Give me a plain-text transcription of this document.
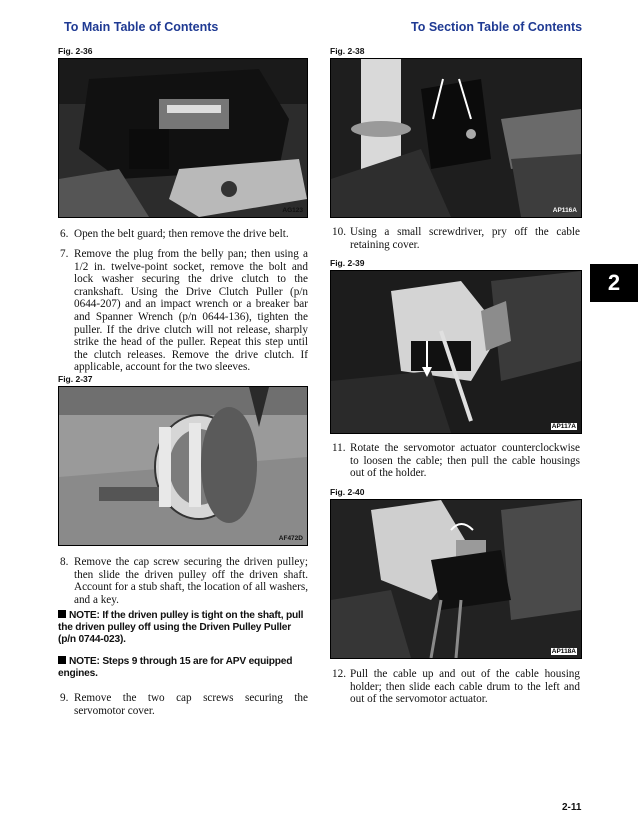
To Main Table of Contents	To Section Table of Contents
Fig. 2-36
AG123
6. Open the belt guard; then remove the drive belt.
7. Remove the plug from the belly pan; then using a 1/2 in. twelve-point socket, remove the bolt and lock washer securing the drive clutch to the crankshaft. Using the Drive Clutch Puller (p/n 0644-207) and an impact wrench or a breaker bar and Spanner Wrench (p/n 0644-136), tighten the puller. If the drive clutch will not release, sharply strike the head of the puller. Repeat this step until the clutch releases. Remove the drive clutch. If applicable, account for the two sleeves.
Fig. 2-37
AF472D
8. Remove the cap screw securing the driven pulley; then slide the driven pulley off the driven shaft. Account for a stub shaft, the location of all washers, and a key.
NOTE: If the driven pulley is tight on the shaft, pull the driven pulley off using the Driven Pulley Puller (p/n 0744-023).
NOTE: Steps 9 through 15 are for APV equipped engines.
9. Remove the two cap screws securing the servomotor cover.
Fig. 2-38
AP116A
10. Using a small screwdriver, pry off the cable retaining cover.
Fig. 2-39
AP117A
11. Rotate the servomotor actuator counterclockwise to loosen the cable; then pull the cable housings out of the holder.
Fig. 2-40
AP118A
12. Pull the cable up and out of the cable housing holder; then slide each cable drum to the left and out of the servomotor actuator.
2
2-11
